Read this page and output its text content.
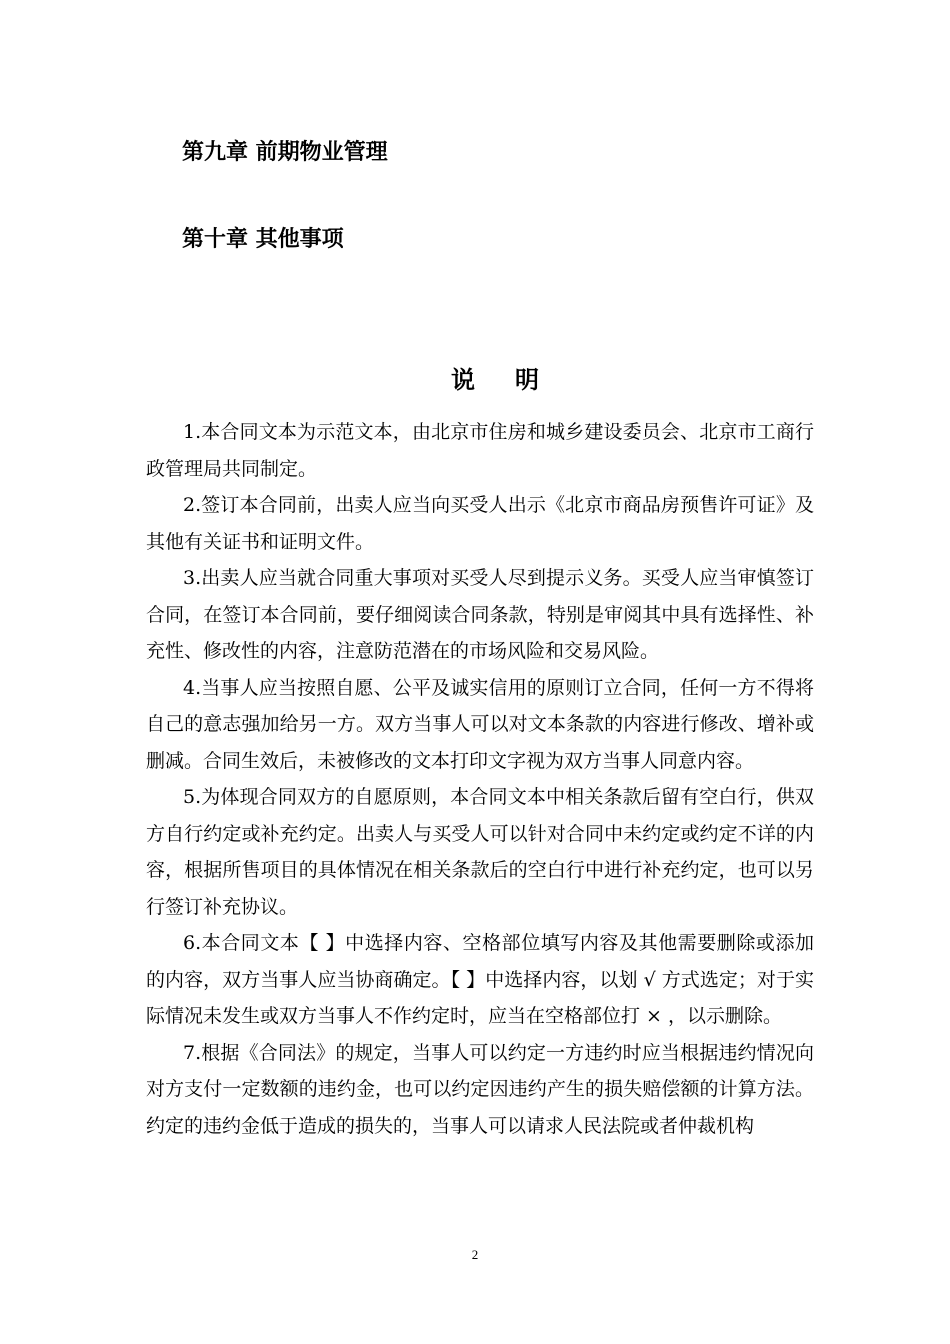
第九章 前期物业管理
第十章 其他事项
说 明

1.本合同文本为示范文本，由北京市住房和城乡建设委员会、北京市工商行政管理局共同制定。

2.签订本合同前，出卖人应当向买受人出示《北京市商品房预售许可证》及其他有关证书和证明文件。

3.出卖人应当就合同重大事项对买受人尽到提示义务。买受人应当审慎签订合同，在签订本合同前，要仔细阅读合同条款，特别是审阅其中具有选择性、补充性、修改性的内容，注意防范潜在的市场风险和交易风险。

4.当事人应当按照自愿、公平及诚实信用的原则订立合同，任何一方不得将自己的意志强加给另一方。双方当事人可以对文本条款的内容进行修改、增补或删减。合同生效后，未被修改的文本打印文字视为双方当事人同意内容。

5.为体现合同双方的自愿原则，本合同文本中相关条款后留有空白行，供双方自行约定或补充约定。出卖人与买受人可以针对合同中未约定或约定不详的内容，根据所售项目的具体情况在相关条款后的空白行中进行补充约定，也可以另行签订补充协议。

6.本合同文本【 】中选择内容、空格部位填写内容及其他需要删除或添加的内容，双方当事人应当协商确定。【 】中选择内容，以划 √ 方式选定；对于实际情况未发生或双方当事人不作约定时，应当在空格部位打 × ，以示删除。

7.根据《合同法》的规定，当事人可以约定一方违约时应当根据违约情况向对方支付一定数额的违约金，也可以约定因违约产生的损失赔偿额的计算方法。约定的违约金低于造成的损失的，当事人可以请求人民法院或者仲裁机构

2
